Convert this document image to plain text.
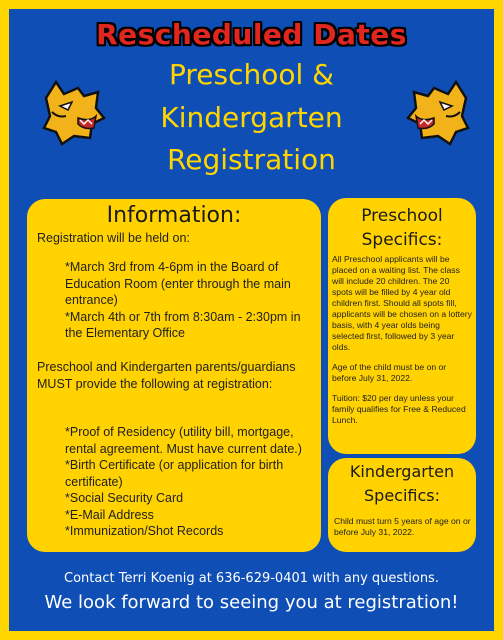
Rescheduled Dates
Preschool &
Kindergarten
Registration
Information:
Registration will be held on:
*March 3rd from 4-6pm in the Board of Education Room (enter through the main entrance)
*March 4th or 7th from 8:30am - 2:30pm in the Elementary Office
Preschool and Kindergarten parents/guardians MUST provide the following at registration:
*Proof of Residency (utility bill, mortgage, rental agreement. Must have current date.)
*Birth Certificate (or application for birth certificate)
*Social Security Card
*E-Mail Address
*Immunization/Shot Records
Preschool
Specifics:

All Preschool applicants will be placed on a waiting list. The class will include 20 children. The 20 spots will be filled by 4 year old children first. Should all spots fill, applicants will be chosen on a lottery basis, with 4 year olds being selected first, followed by 3 year olds.

Age of the child must be on or before July 31, 2022.

Tuition: $20 per day unless your family qualifies for Free & Reduced Lunch.

Kindergarten
Specifics:
Child must turn 5 years of age on or before July 31, 2022.
Contact Terri Koenig at 636-629-0401 with any questions.
We look forward to seeing you at registration!
